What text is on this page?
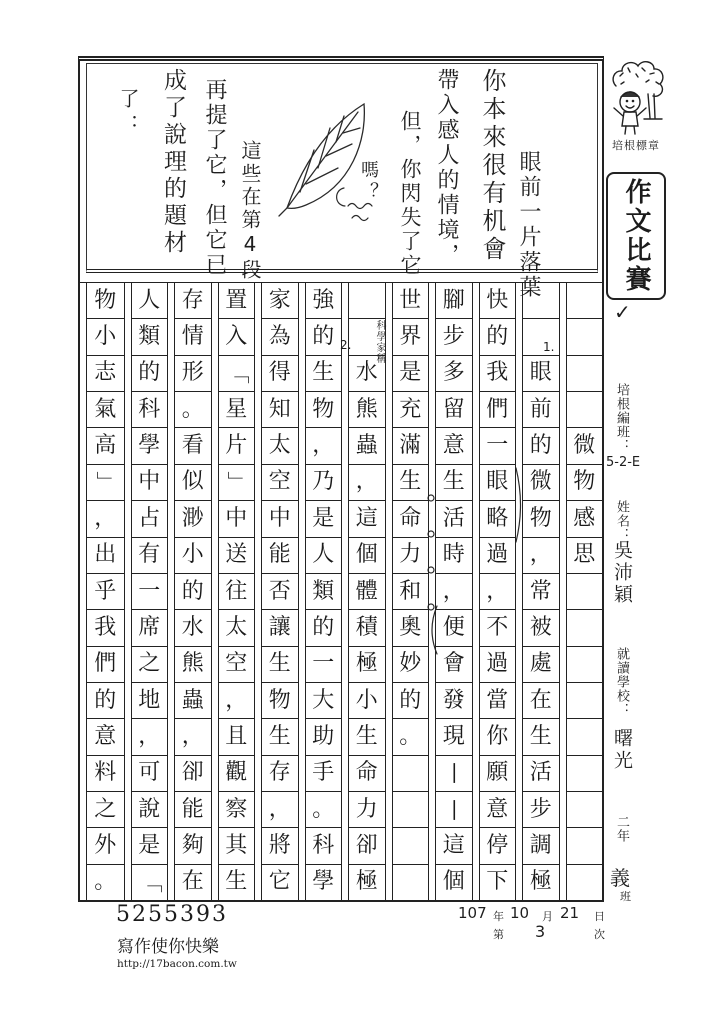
眼前一片落葉
你本來很有机會
帶入感人的情境，
但，你閃失了它
嗎？
這些在第4段
再提了它，但它已
成了說理的題材
了：
微
物
感
思
眼
前
的
微
物
，
常
被
處
在
生
活
步
調
極
快
的
我
們
一
眼
略
過
，
不
過
當
你
願
意
停
下
腳
步
多
留
意
生
活
時
，
便
會
發
現
—
—
這
個
世
界
是
充
滿
生
命
力
和
奧
妙
的
。
水
熊
蟲
，
這
個
體
積
極
小
生
命
力
卻
極
強
的
生
物
，
乃
是
人
類
的
一
大
助
手
。
科
學
家
為
得
知
太
空
中
能
否
讓
生
物
生
存
，
將
它
置
入
「
星
片
」
中
送
往
太
空
，
且
觀
察
其
生
存
情
形
。
看
似
渺
小
的
水
熊
蟲
，
卻
能
夠
在
人
類
的
科
學
中
占
有
一
席
之
地
，
可
說
是
「
物
小
志
氣
高
」
，
出
乎
我
們
的
意
料
之
外
。
1.
2. 科學家稱
培根標章
作文比賽
✓
培根編班：
5-2-E
姓名：
吳沛穎
就讀學校：
曙光
二年
義
班
107 年 10 月 21 日
第 3	次
5255393
寫作使你快樂
http://17bacon.com.tw
